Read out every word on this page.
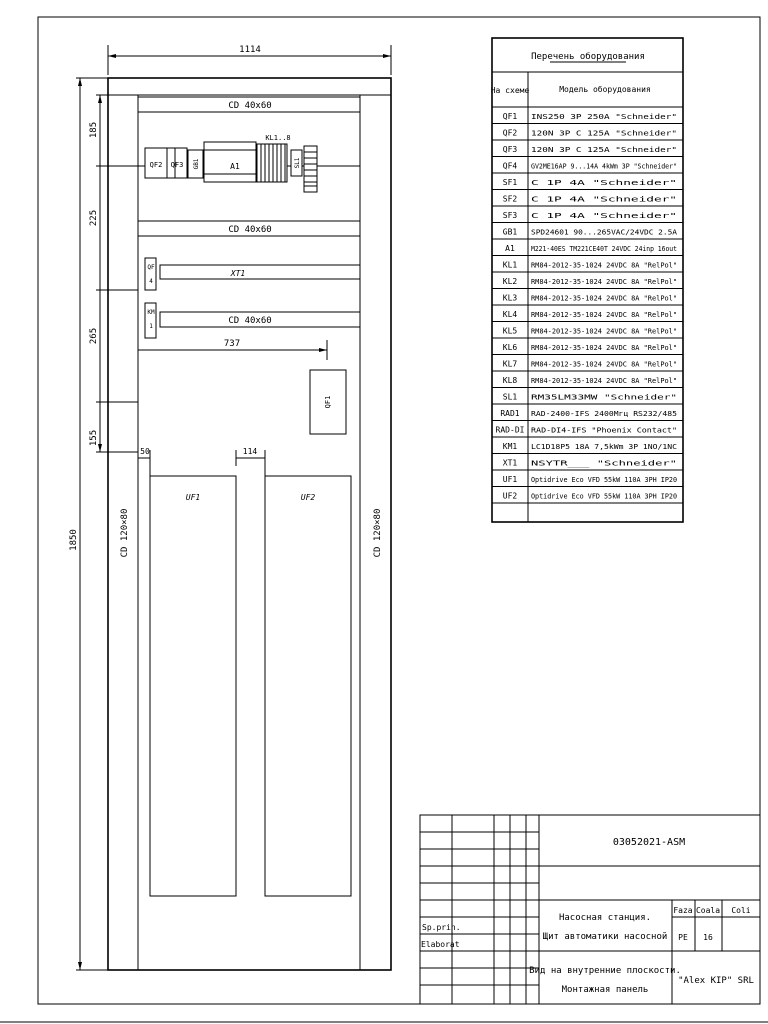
1114
185
225
265
155
1850	CD 120×80	CD 120×80
CD 40x60
QF2 QF3 GB1	A1
KL1..8
SL1
CD 40x60
QF
4
XT1
KM
1
CD 40x60
737
QF1
50	114
UF1	UF2
Перечень оборудования
На схеме	Модель оборудования
QF1 INS250 3P 250A "Schneider"
QF2 120N 3P C 125A "Schneider"
QF3 120N 3P C 125A "Schneider"
QF4 GV2ME16AP 9...14A 4kWm 3P "Schneider"
SF1 C 1P 4A "Schneider"
SF2 C 1P 4A "Schneider"
SF3 C 1P 4A "Schneider"
GB1 SPD24601 90...265VAC/24VDC 2.5A
A1 M221-40ES TM221CE40T 24VDC 24inp 16out
KL1 RM84-2012-35-1024 24VDC 8A "RelPol"
KL2 RM84-2012-35-1024 24VDC 8A "RelPol"
KL3 RM84-2012-35-1024 24VDC 8A "RelPol"
KL4 RM84-2012-35-1024 24VDC 8A "RelPol"
KL5 RM84-2012-35-1024 24VDC 8A "RelPol"
KL6 RM84-2012-35-1024 24VDC 8A "RelPol"
KL7 RM84-2012-35-1024 24VDC 8A "RelPol"
KL8 RM84-2012-35-1024 24VDC 8A "RelPol"
SL1 RM35LM33MW "Schneider"
RAD1 RAD-2400-IFS 2400Мгц RS232/485
RAD-DI RAD-DI4-IFS "Phoenix Contact"
KM1 LC1D18P5 18A 7,5kWm 3P 1NO/1NC
XT1 NSYTR___ "Schneider"
UF1 Optidrive Eco VFD 55kW 110A 3PH IP20
UF2 Optidrive Eco VFD 55kW 110A 3PH IP20
03052021-ASM
Sp.prin.
Elaborat
Насосная станция.
Щит автоматики насосной
Faza Coala Coli
PE 16
Вид на внутренние плоскости.
Монтажная панель
"Alex KIP" SRL
